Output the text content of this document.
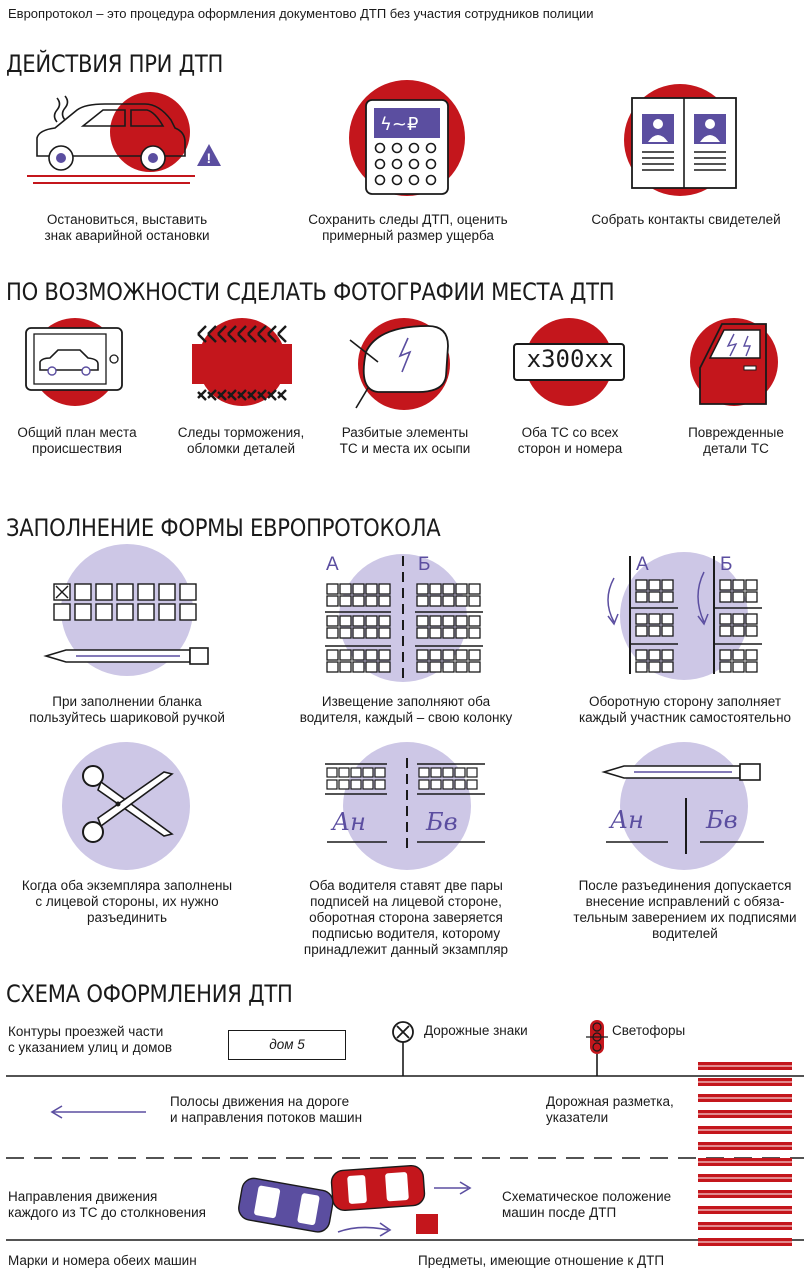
Европротокол – это процедура оформления документово ДТП без участия сотрудников полиции
ДЕЙСТВИЯ ПРИ ДТП
!
Остановиться, выставить
знак аварийной остановки
ϟ~₽
Сохранить следы ДТП, оценить
примерный размер ущерба
Собрать контакты свидетелей
ПО ВОЗМОЖНОСТИ СДЕЛАТЬ ФОТОГРАФИИ МЕСТА ДТП
Общий план места
происшествия
Следы торможения,
обломки деталей
Разбитые элементы
ТС и места их осыпи
х300хх
Оба ТС со всех
сторон и номера
Поврежденные
детали ТС
ЗАПОЛНЕНИЕ ФОРМЫ ЕВРОПРОТОКОЛА
При заполнении бланка
пользуйтесь шариковой ручкой
А	Б
Извещение заполняют оба
водителя, каждый – свою колонку
А	Б
Оборотную сторону заполняет
каждый участник самостоятельно
Когда оба экземпляра заполнены
с лицевой стороны, их нужно
разъединить
Ан	Бв
Оба водителя ставят две пары
подписей на лицевой стороне,
оборотная сторона заверяется
подписью водителя, которому
принадлежит данный экзампляр
Ан	Бв
После разъединения допускается
внесение исправлений с обяза-
тельным заверением их подписями
водителей
СХЕМА ОФОРМЛЕНИЯ ДТП
Контуры проезжей части
с указанием улиц и домов	дом 5
Дорожные знаки	Светофоры
Полосы движения на дороге
и направления потоков машин
Дорожная разметка,
указатели
Направления движения
каждого из ТС до столкновения
Схематическое положение
машин посде ДТП
Марки и номера обеих машин	Предметы, имеющие отношение к ДТП
